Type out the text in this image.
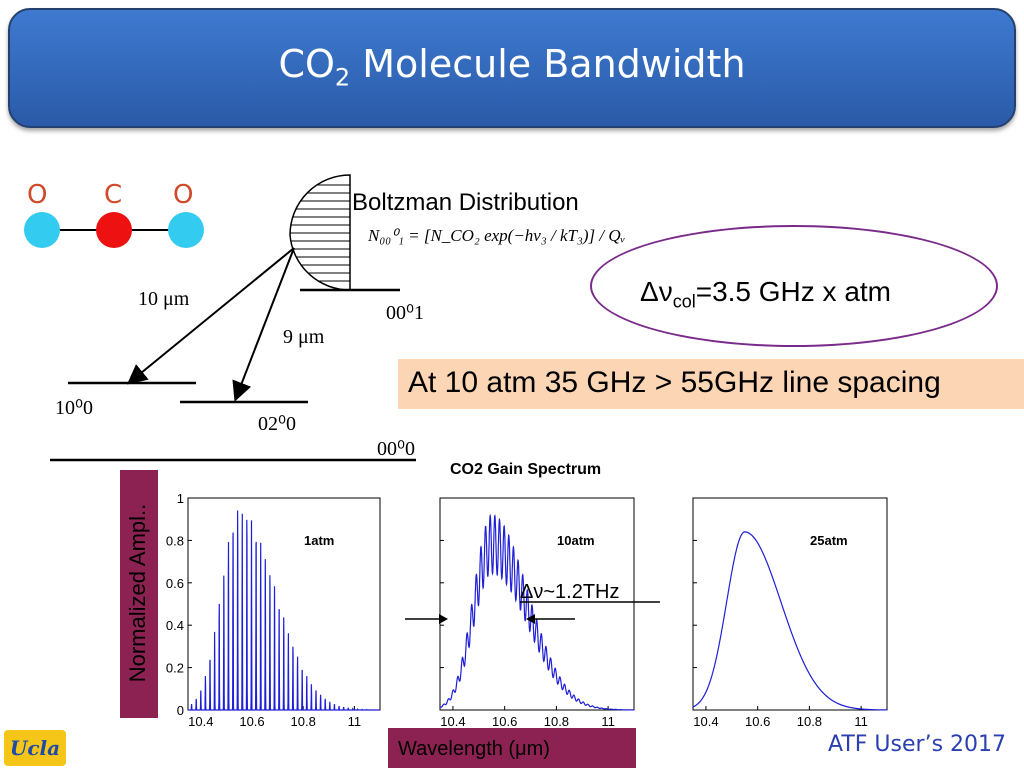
$CO_2$ Molecule Bandwidth
O C O	Boltzman Distribution
N₀₀⁰₁ = [N_CO₂ exp(−hν₃ / kT₃)] / Qᵥ
10 μm
9 μm
00⁰1
10⁰0
02⁰0
00⁰0
$\Delta\nu_{col}=3.5$ GHz x atm
At 10 atm 35 GHz > 55GHz line spacing
CO2 Gain Spectrum
Normalized Ampl..
Wavelength (μm)
10.4 10.6 10.8 11
0
0.2
0.4
0.6
0.8
1
1atm
10.4 10.6 10.8 11
10atm
10.4 10.6 10.8 11
25atm
Δν~1.2THz
Ucla	ATF User’s 2017
